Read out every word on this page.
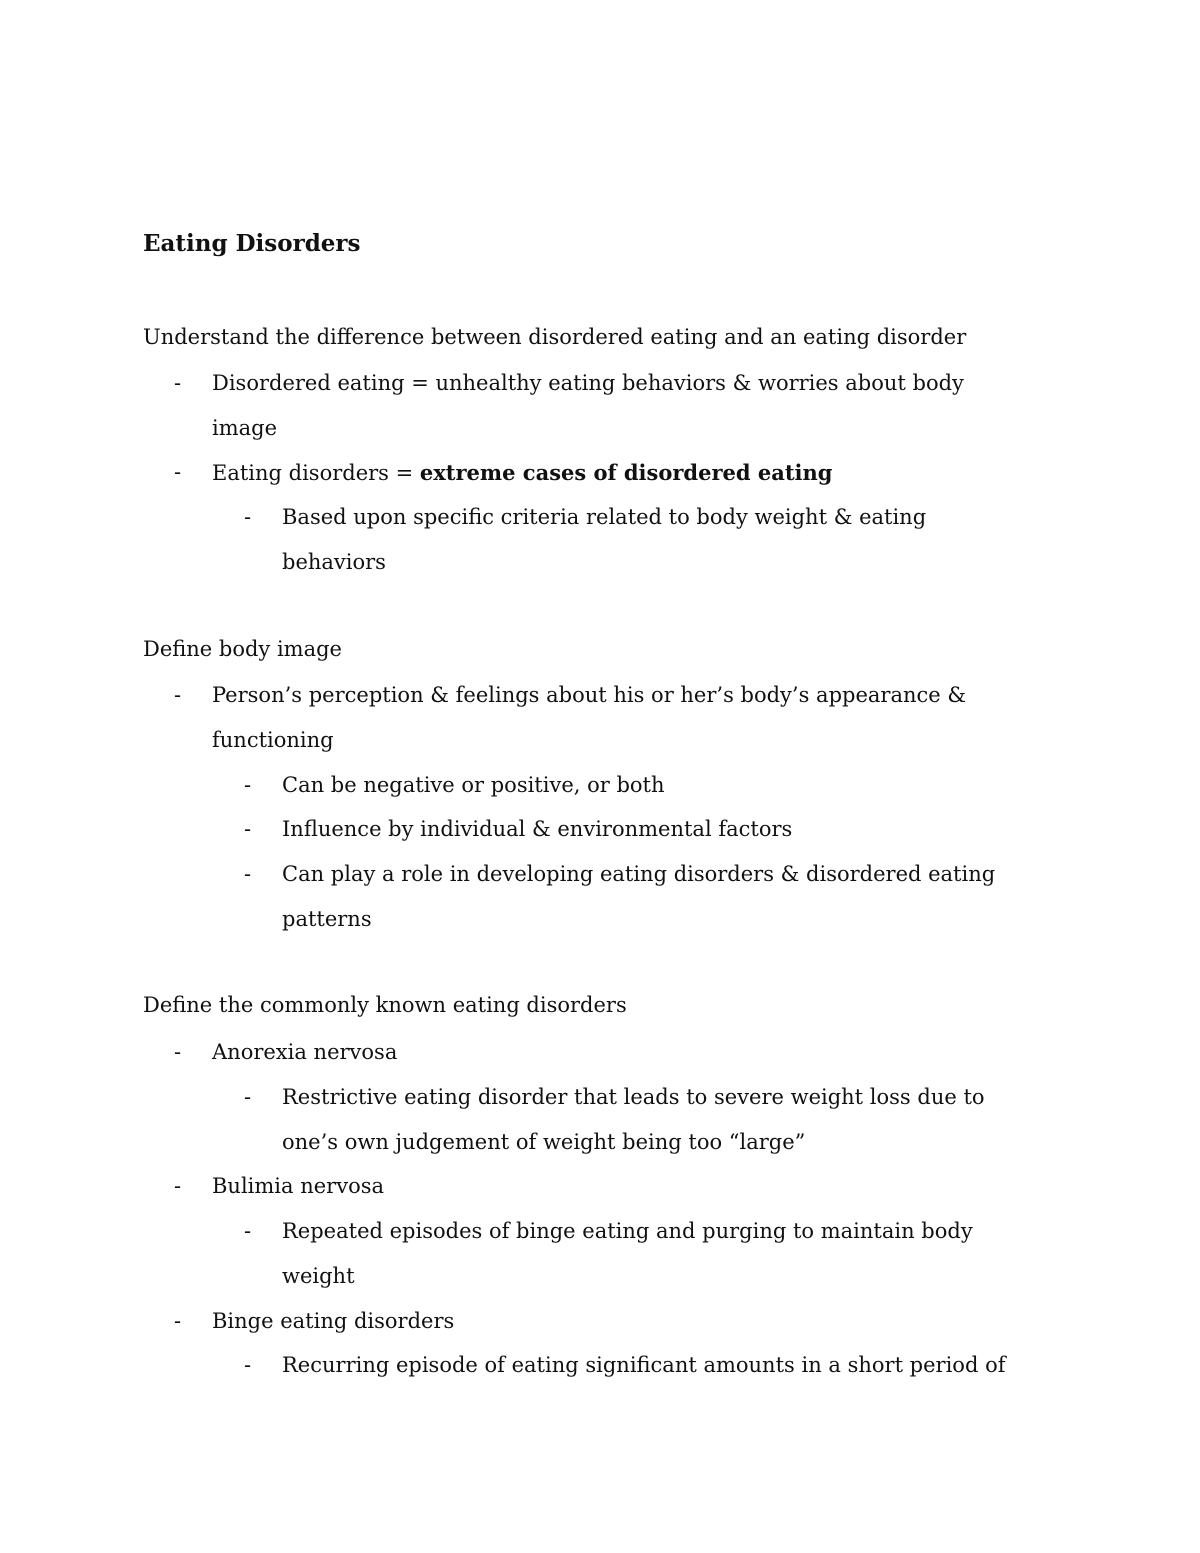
Eating Disorders
Understand the difference between disordered eating and an eating disorder
- Disordered eating = unhealthy eating behaviors & worries about body
image
- Eating disorders = extreme cases of disordered eating
- Based upon specific criteria related to body weight & eating
behaviors
Define body image
- Person’s perception & feelings about his or her’s body’s appearance &
functioning
- Can be negative or positive, or both
- Influence by individual & environmental factors
- Can play a role in developing eating disorders & disordered eating
patterns
Define the commonly known eating disorders
- Anorexia nervosa
- Restrictive eating disorder that leads to severe weight loss due to
one’s own judgement of weight being too “large”
- Bulimia nervosa
- Repeated episodes of binge eating and purging to maintain body
weight
- Binge eating disorders
- Recurring episode of eating significant amounts in a short period of
